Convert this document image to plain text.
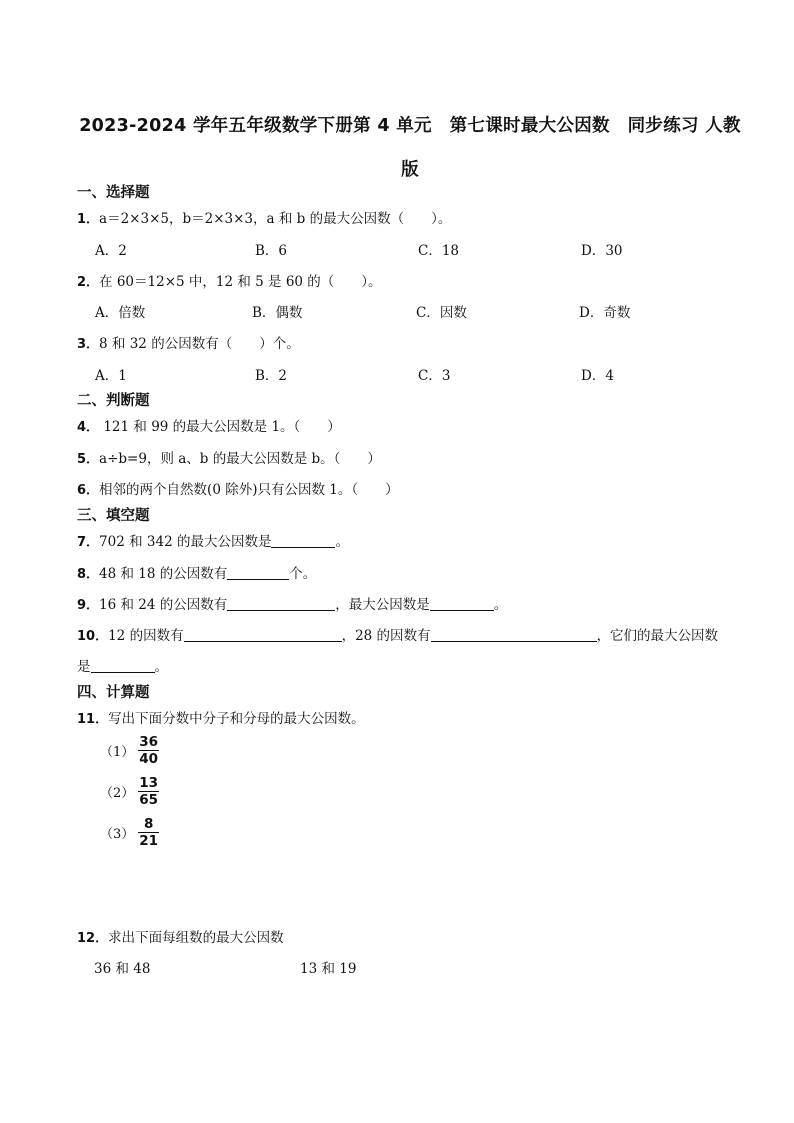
2023-2024 学年五年级数学下册第 4 单元　第七课时最大公因数　同步练习 人教
版
一、选择题
1．a＝2×3×5，b＝2×3×3，a 和 b 的最大公因数（　　）。
A．2	B．6	C．18	D．30
2．在 60＝12×5 中，12 和 5 是 60 的（　　）。
A．倍数	B．偶数	C．因数	D．奇数
3．8 和 32 的公因数有（　　）个。
A．1	B．2	C．3	D．4
二、判断题
4． 121 和 99 的最大公因数是 1。（　　）
5．a÷b=9，则 a、b 的最大公因数是 b。（　　）
6．相邻的两个自然数(0 除外)只有公因数 1。（　　）
三、填空题
7．702 和 342 的最大公因数是	。
8．48 和 18 的公因数有	个。
9．16 和 24 的公因数有	，最大公因数是	。
10．12 的因数有	，28 的因数有	，它们的最大公因数
是	。
四、计算题
11．写出下面分数中分子和分母的最大公因数。
$(1) \frac{36}{40}$
$(2) \frac{13}{65}$
$(3) \frac{8}{21}$
12．求出下面每组数的最大公因数
36 和 48	13 和 19
